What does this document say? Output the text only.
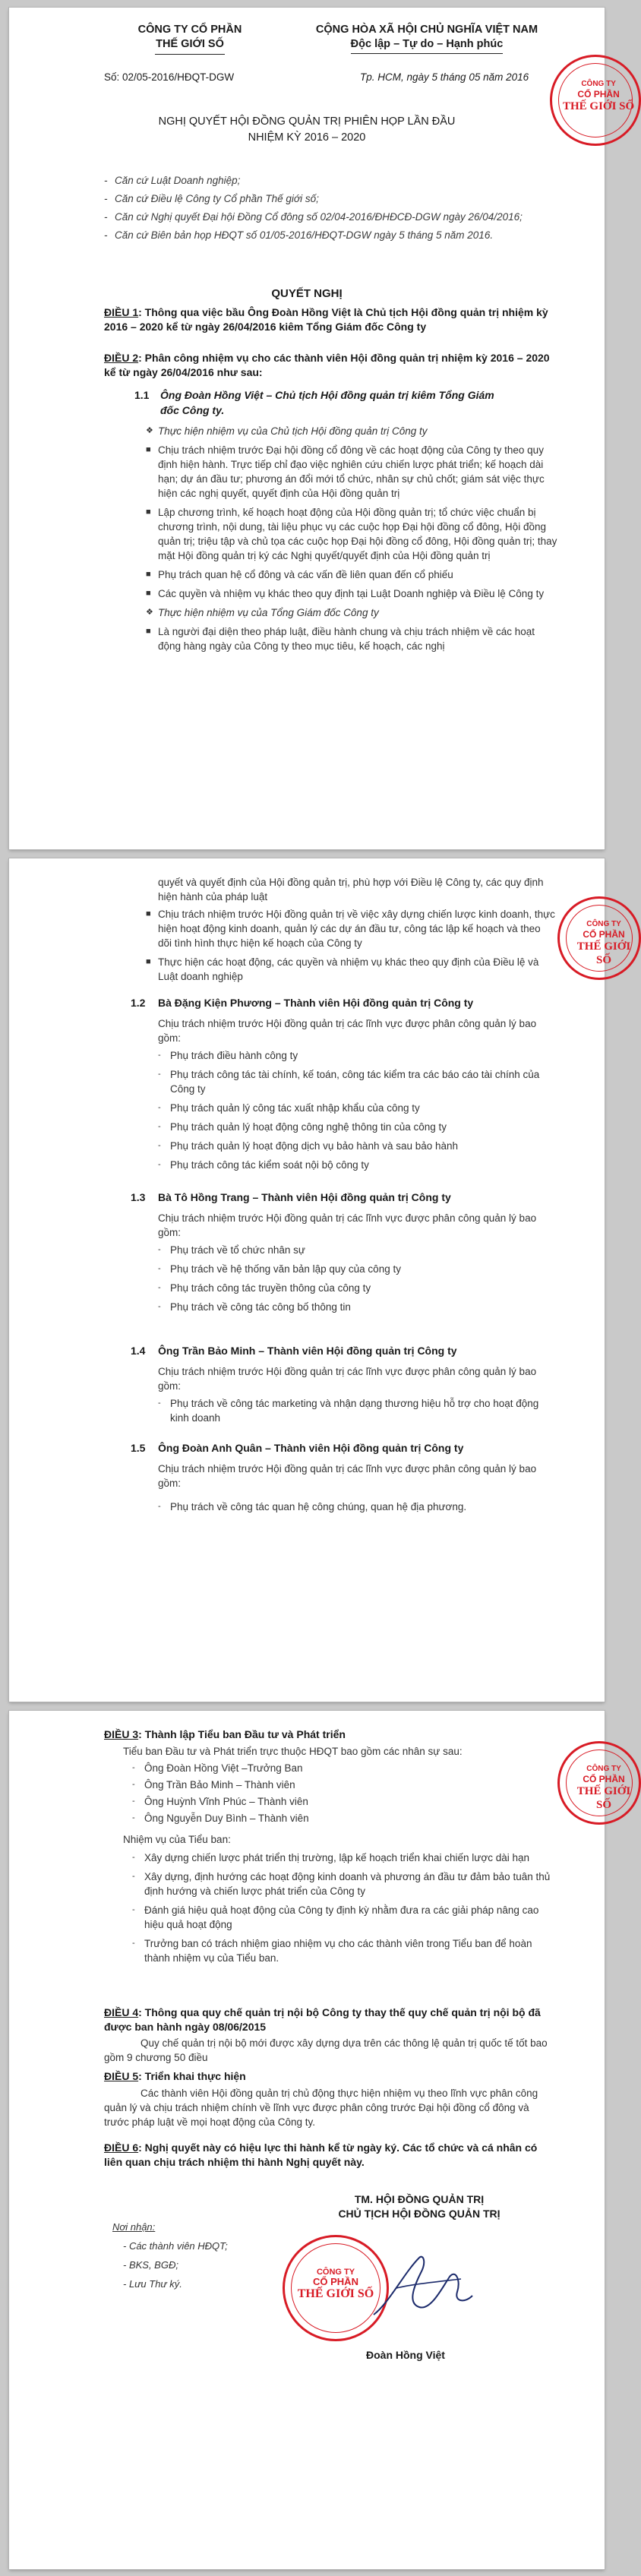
CÔNG TY CỔ PHẦN
THẾ GIỚI SỐ
CỘNG HÒA XÃ HỘI CHỦ NGHĨA VIỆT NAM
Độc lập – Tự do – Hạnh phúc
Số: 02/05-2016/HĐQT-DGW	Tp. HCM, ngày 5 tháng 05 năm 2016
CÔNG TY
CỔ PHẦN
THẾ GIỚI SỐ
NGHỊ QUYẾT HỘI ĐỒNG QUẢN TRỊ PHIÊN HỌP LẦN ĐẦU
NHIỆM KỲ 2016 – 2020
- Căn cứ Luật Doanh nghiệp;
- Căn cứ Điều lệ Công ty Cổ phần Thế giới số;
- Căn cứ Nghị quyết Đại hội Đồng Cổ đông số 02/04-2016/ĐHĐCĐ-DGW ngày 26/04/2016;
- Căn cứ Biên bản họp HĐQT số 01/05-2016/HĐQT-DGW ngày 5 tháng 5 năm 2016.
QUYẾT NGHỊ
ĐIỀU 1: Thông qua việc bầu Ông Đoàn Hồng Việt là Chủ tịch Hội đồng quản trị nhiệm kỳ 2016 – 2020 kể từ ngày 26/04/2016 kiêm Tổng Giám đốc Công ty
ĐIỀU 2: Phân công nhiệm vụ cho các thành viên Hội đồng quản trị nhiệm kỳ 2016 – 2020 kể từ ngày 26/04/2016 như sau:
1.1 Ông Đoàn Hồng Việt – Chủ tịch Hội đồng quản trị kiêm Tổng Giám
đốc Công ty.
❖ Thực hiện nhiệm vụ của Chủ tịch Hội đồng quản trị Công ty
■ Chịu trách nhiệm trước Đại hội đồng cổ đông về các hoạt động của Công ty theo quy định hiện hành. Trực tiếp chỉ đạo việc nghiên cứu chiến lược phát triển; kế hoạch dài hạn; dự án đầu tư; phương án đổi mới tổ chức, nhân sự chủ chốt; giám sát việc thực hiện các nghị quyết, quyết định của Hội đồng quản trị
■ Lập chương trình, kế hoạch hoạt động của Hội đồng quản trị; tổ chức việc chuẩn bị chương trình, nội dung, tài liệu phục vụ các cuộc họp Đại hội đồng cổ đông, Hội đồng quản trị; triệu tập và chủ tọa các cuộc họp Đại hội đồng cổ đông, Hội đồng quản trị; thay mặt Hội đồng quản trị ký các Nghị quyết/quyết định của Hội đồng quản trị
■ Phụ trách quan hệ cổ đông và các vấn đề liên quan đến cổ phiếu
■ Các quyền và nhiệm vụ khác theo quy định tại Luật Doanh nghiệp và Điều lệ Công ty
❖ Thực hiện nhiệm vụ của Tổng Giám đốc Công ty
■ Là người đại diện theo pháp luật, điều hành chung và chịu trách nhiệm về các hoạt động hàng ngày của Công ty theo mục tiêu, kế hoạch, các nghị
CÔNG TY
CỔ PHẦN
THẾ GIỚI SỐ
quyết và quyết định của Hội đồng quản trị, phù hợp với Điều lệ Công ty, các quy định hiện hành của pháp luật
■ Chịu trách nhiệm trước Hội đồng quản trị về việc xây dựng chiến lược kinh doanh, thực hiện hoạt động kinh doanh, quản lý các dự án đầu tư, công tác lập kế hoạch và theo dõi tình hình thực hiện kế hoạch của Công ty
■ Thực hiện các hoạt động, các quyền và nhiệm vụ khác theo quy định của Điều lệ và Luật doanh nghiệp
1.2 Bà Đặng Kiện Phương – Thành viên Hội đồng quản trị Công ty
Chịu trách nhiệm trước Hội đồng quản trị các lĩnh vực được phân công quản lý bao gồm:
- Phụ trách điều hành công ty
- Phụ trách công tác tài chính, kế toán, công tác kiểm tra các báo cáo tài chính của Công ty
- Phụ trách quản lý công tác xuất nhập khẩu của công ty
- Phụ trách quản lý hoạt động công nghệ thông tin của công ty
- Phụ trách quản lý hoạt động dịch vụ bảo hành và sau bảo hành
- Phụ trách công tác kiểm soát nội bộ công ty
1.3 Bà Tô Hồng Trang – Thành viên Hội đồng quản trị Công ty
Chịu trách nhiệm trước Hội đồng quản trị các lĩnh vực được phân công quản lý bao gồm:
- Phụ trách về tổ chức nhân sự
- Phụ trách về hệ thống văn bản lập quy của công ty
- Phụ trách công tác truyền thông của công ty
- Phụ trách về công tác công bố thông tin
1.4 Ông Trần Bảo Minh – Thành viên Hội đồng quản trị Công ty
Chịu trách nhiệm trước Hội đồng quản trị các lĩnh vực được phân công quản lý bao gồm:
- Phụ trách về công tác marketing và nhận dạng thương hiệu hỗ trợ cho hoạt động kinh doanh
1.5 Ông Đoàn Anh Quân – Thành viên Hội đồng quản trị Công ty
Chịu trách nhiệm trước Hội đồng quản trị các lĩnh vực được phân công quản lý bao gồm:
- Phụ trách về công tác quan hệ công chúng, quan hệ địa phương.
CÔNG TY
CỔ PHẦN
THẾ GIỚI SỐ
ĐIỀU 3: Thành lập Tiểu ban Đầu tư và Phát triển
Tiểu ban Đầu tư và Phát triển trực thuộc HĐQT bao gồm các nhân sự sau:
- Ông Đoàn Hồng Việt –Trưởng Ban
- Ông Trần Bảo Minh – Thành viên
- Ông Huỳnh Vĩnh Phúc – Thành viên
- Ông Nguyễn Duy Bình – Thành viên
Nhiệm vụ của Tiểu ban:
- Xây dựng chiến lược phát triển thị trường, lập kế hoạch triển khai chiến lược dài hạn
- Xây dựng, định hướng các hoạt động kinh doanh và phương án đầu tư đảm bảo tuân thủ định hướng và chiến lược phát triển của Công ty
- Đánh giá hiệu quả hoạt động của Công ty định kỳ nhằm đưa ra các giải pháp nâng cao hiệu quả hoạt động
- Trưởng ban có trách nhiệm giao nhiệm vụ cho các thành viên trong Tiểu ban để hoàn thành nhiệm vụ của Tiểu ban.
ĐIỀU 4: Thông qua quy chế quản trị nội bộ Công ty thay thế quy chế quản trị nội bộ đã được ban hành ngày 08/06/2015
Quy chế quản trị nội bộ mới được xây dựng dựa trên các thông lệ quản trị quốc tế tốt bao gồm 9 chương 50 điều
ĐIỀU 5: Triển khai thực hiện
Các thành viên Hội đồng quản trị chủ động thực hiện nhiệm vụ theo lĩnh vực phân công quản lý và chịu trách nhiệm chính về lĩnh vực được phân công trước Đại hội đồng cổ đông và trước pháp luật về mọi hoạt động của Công ty.
ĐIỀU 6: Nghị quyết này có hiệu lực thi hành kể từ ngày ký. Các tổ chức và cá nhân có liên quan chịu trách nhiệm thi hành Nghị quyết này.
TM. HỘI ĐỒNG QUẢN TRỊ
CHỦ TỊCH HỘI ĐỒNG QUẢN TRỊ
CÔNG TY
CỔ PHẦN
THẾ GIỚI SỐ
Đoàn Hồng Việt
Nơi nhận:
- Các thành viên HĐQT;
- BKS, BGĐ;
- Lưu Thư ký.
